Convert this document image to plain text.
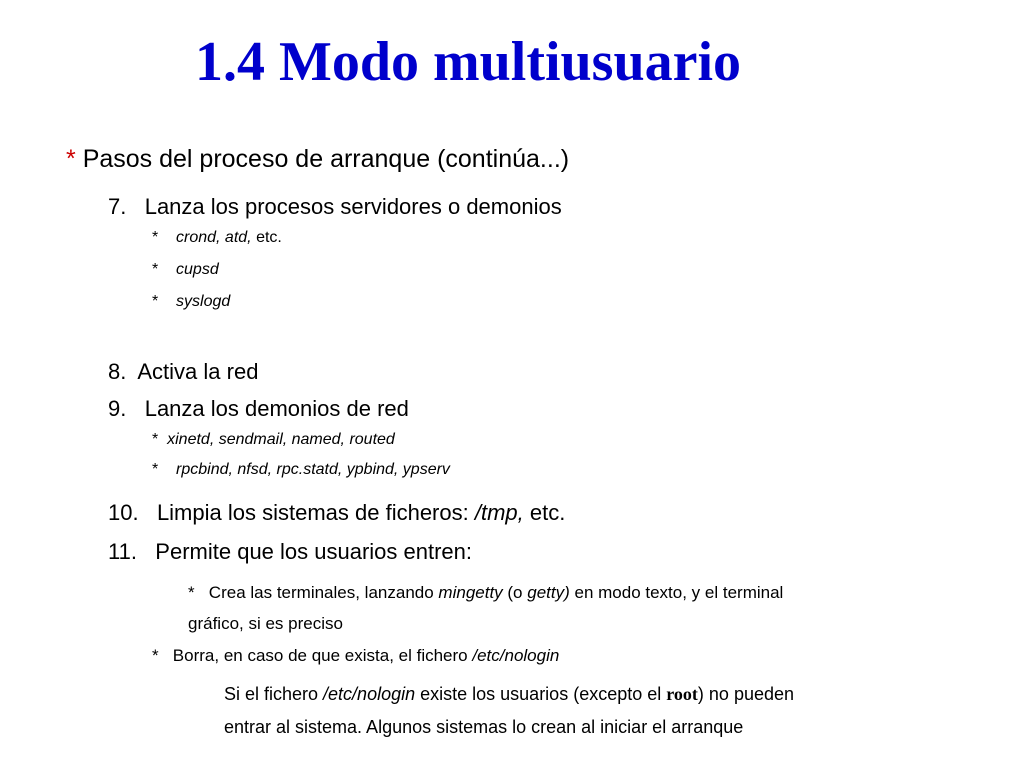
1.4 Modo multiusuario
* Pasos del proceso de arranque (continúa...)
7. Lanza los procesos servidores o demonios
* crond, atd, etc.
* cupsd
* syslogd
8. Activa la red
9. Lanza los demonios de red
* xinetd, sendmail, named, routed
* rpcbind, nfsd, rpc.statd, ypbind, ypserv
10. Limpia los sistemas de ficheros: /tmp, etc.
11. Permite que los usuarios entren:
* Crea las terminales, lanzando mingetty (o getty) en modo texto, y el terminal
gráfico, si es preciso
* Borra, en caso de que exista, el fichero /etc/nologin
Si el fichero /etc/nologin existe los usuarios (excepto el root) no pueden
entrar al sistema. Algunos sistemas lo crean al iniciar el arranque
